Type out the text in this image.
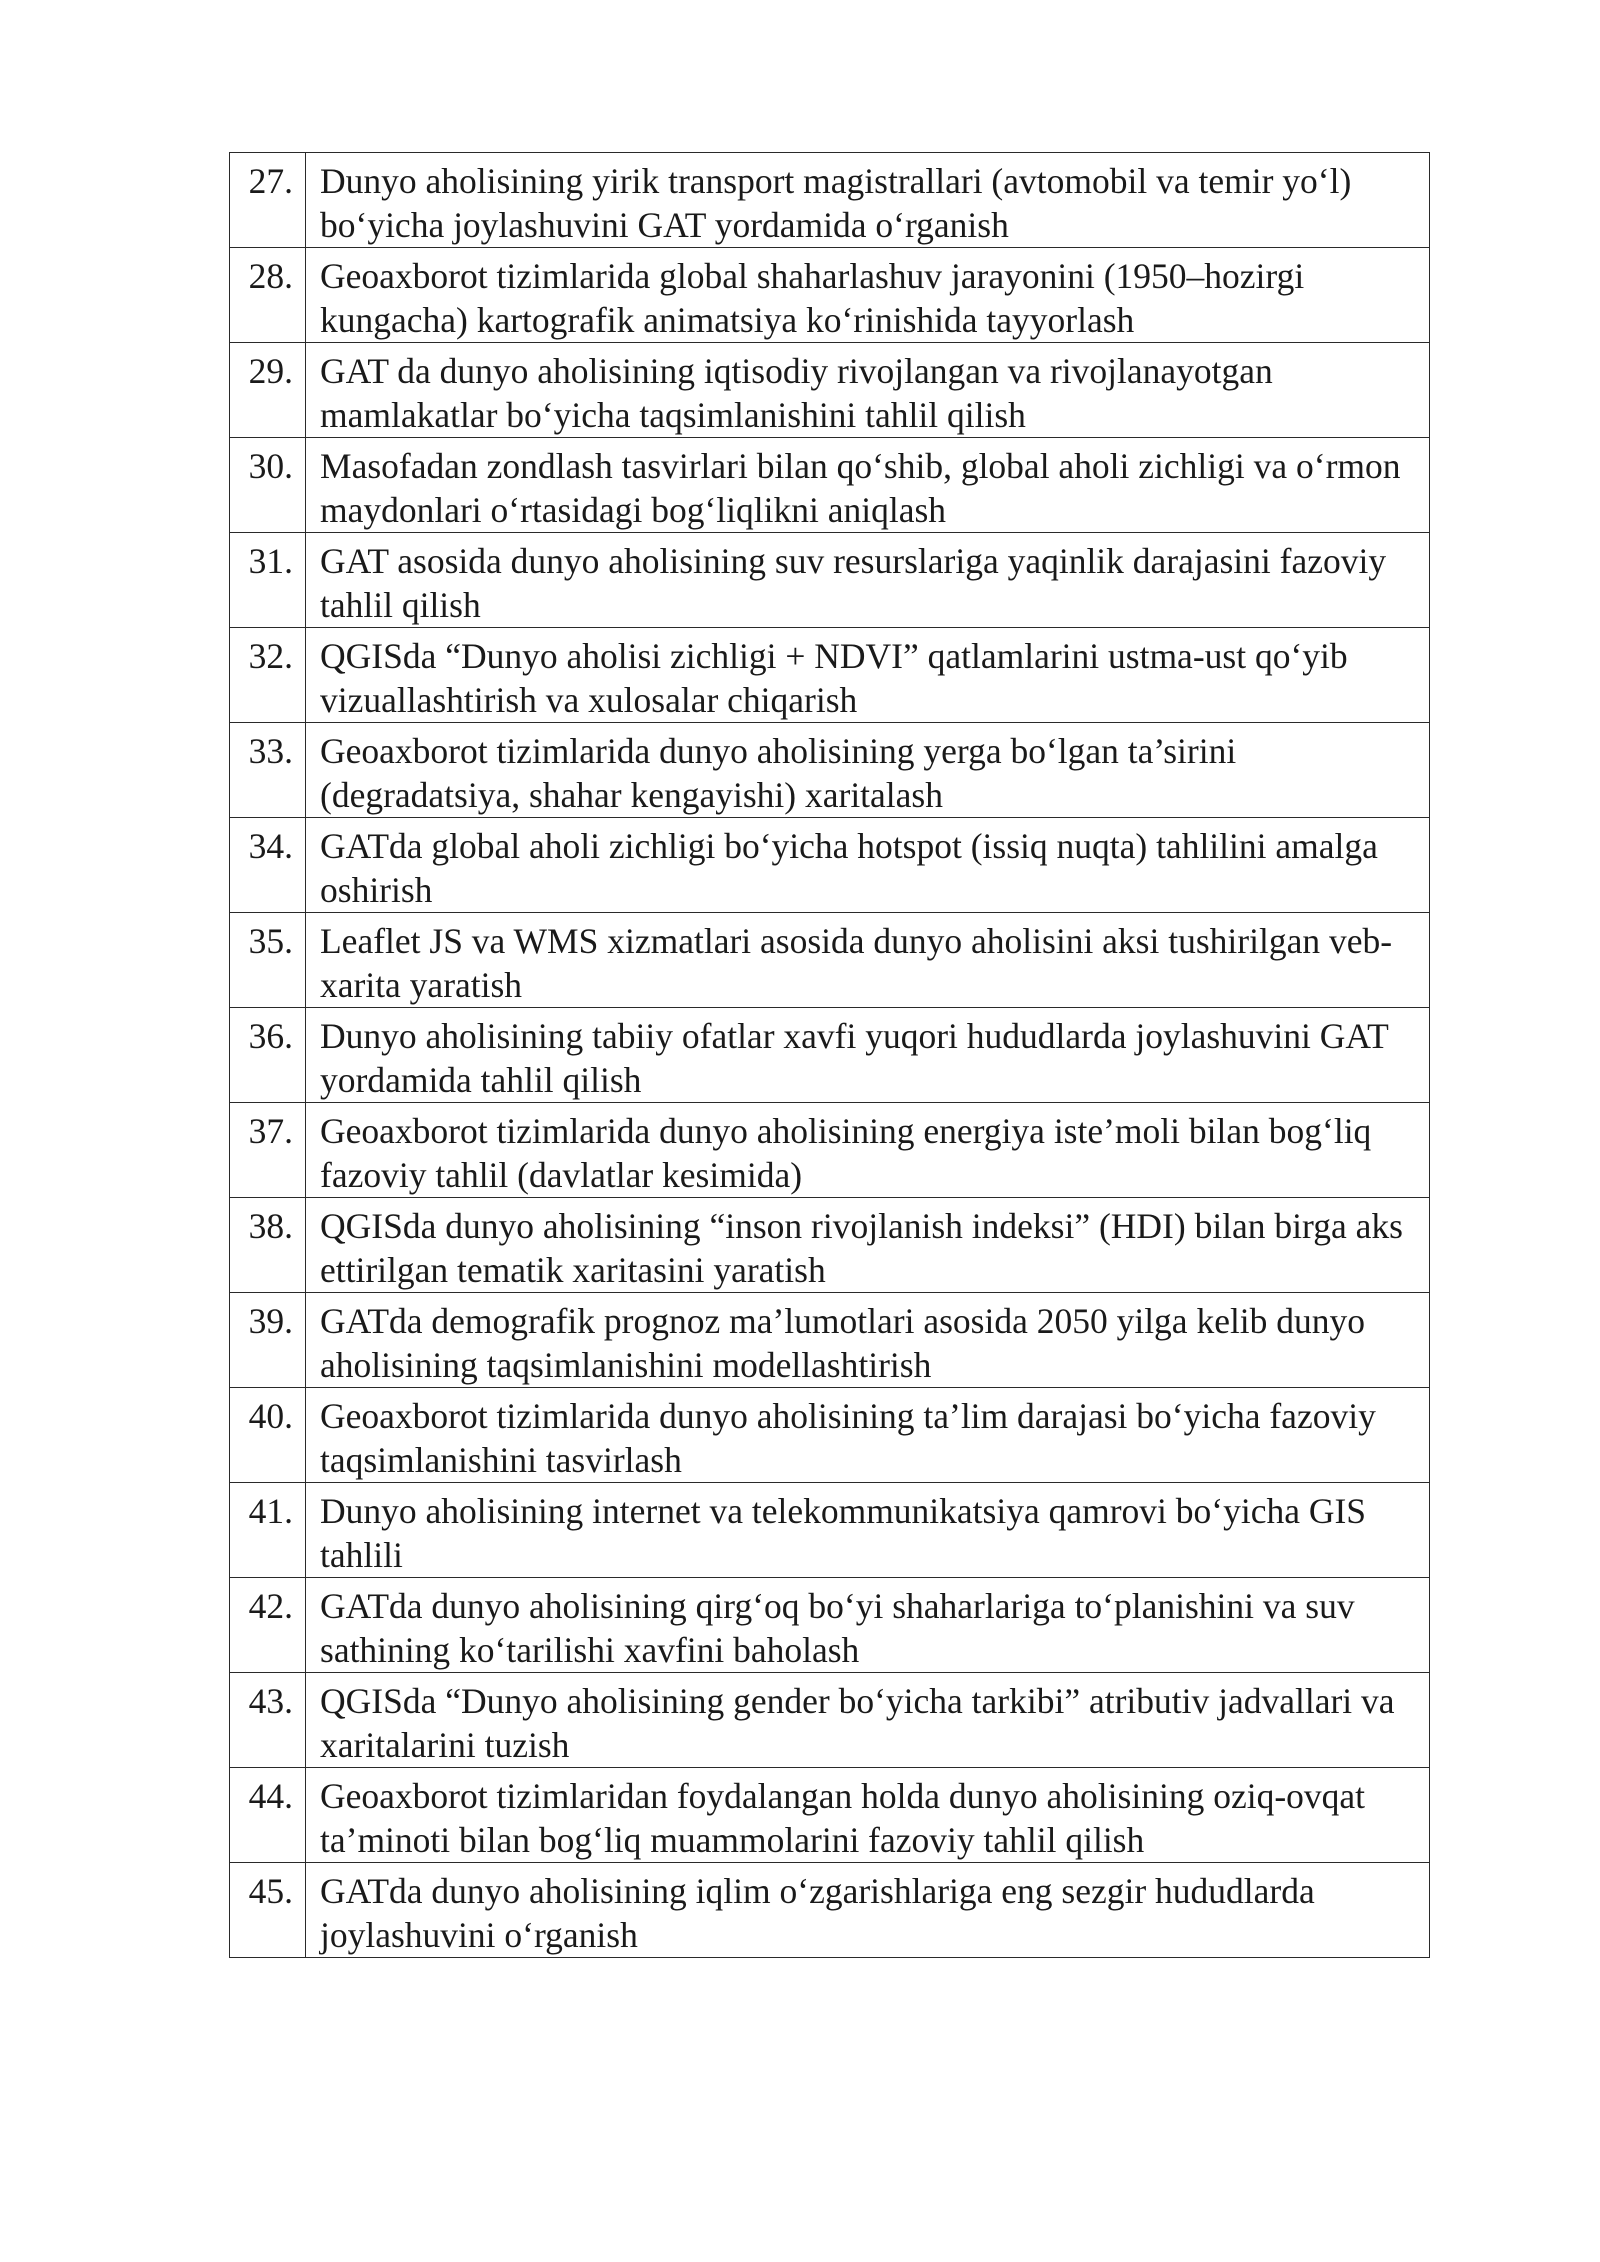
27.	Dunyo aholisining yirik transport magistrallari (avtomobil va temir yo‘l) bo‘yicha joylashuvini GAT yordamida o‘rganish
28.	Geoaxborot tizimlarida global shaharlashuv jarayonini (1950–hozirgi kungacha) kartografik animatsiya ko‘rinishida tayyorlash
29.	GAT da dunyo aholisining iqtisodiy rivojlangan va rivojlanayotgan mamlakatlar bo‘yicha taqsimlanishini tahlil qilish
30.	Masofadan zondlash tasvirlari bilan qo‘shib, global aholi zichligi va o‘rmon maydonlari o‘rtasidagi bog‘liqlikni aniqlash
31.	GAT asosida dunyo aholisining suv resurslariga yaqinlik darajasini fazoviy tahlil qilish
32.	QGISda “Dunyo aholisi zichligi + NDVI” qatlamlarini ustma-ust qo‘yib vizuallashtirish va xulosalar chiqarish
33.	Geoaxborot tizimlarida dunyo aholisining yerga bo‘lgan ta’sirini (degradatsiya, shahar kengayishi) xaritalash
34.	GATda global aholi zichligi bo‘yicha hotspot (issiq nuqta) tahlilini amalga oshirish
35.	Leaflet JS va WMS xizmatlari asosida dunyo aholisini aksi tushirilgan veb-xarita yaratish
36.	Dunyo aholisining tabiiy ofatlar xavfi yuqori hududlarda joylashuvini GAT yordamida tahlil qilish
37.	Geoaxborot tizimlarida dunyo aholisining energiya iste’moli bilan bog‘liq fazoviy tahlil (davlatlar kesimida)
38.	QGISda dunyo aholisining “inson rivojlanish indeksi” (HDI) bilan birga aks ettirilgan tematik xaritasini yaratish
39.	GATda demografik prognoz ma’lumotlari asosida 2050 yilga kelib dunyo aholisining taqsimlanishini modellashtirish
40.	Geoaxborot tizimlarida dunyo aholisining ta’lim darajasi bo‘yicha fazoviy taqsimlanishini tasvirlash
41.	Dunyo aholisining internet va telekommunikatsiya qamrovi bo‘yicha GIS tahlili
42.	GATda dunyo aholisining qirg‘oq bo‘yi shaharlariga to‘planishini va suv sathining ko‘tarilishi xavfini baholash
43.	QGISda “Dunyo aholisining gender bo‘yicha tarkibi” atributiv jadvallari va xaritalarini tuzish
44.	Geoaxborot tizimlaridan foydalangan holda dunyo aholisining oziq-ovqat ta’minoti bilan bog‘liq muammolarini fazoviy tahlil qilish
45.	GATda dunyo aholisining iqlim o‘zgarishlariga eng sezgir hududlarda joylashuvini o‘rganish
